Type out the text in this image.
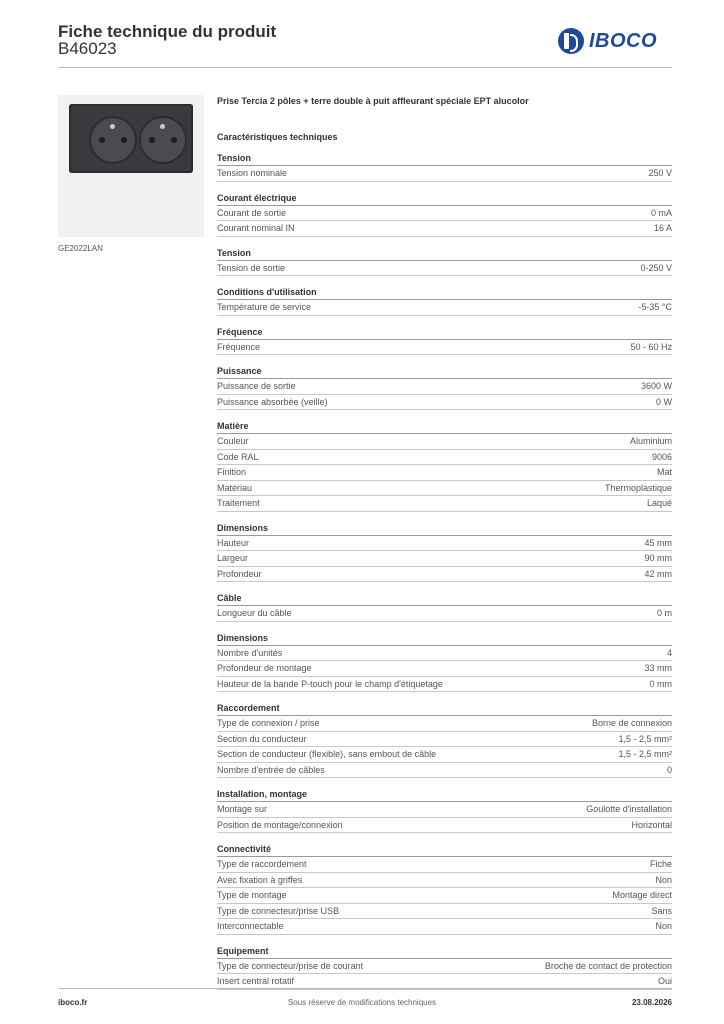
Fiche technique du produit
B46023	IBOCO
GE2022LAN
Prise Tercia 2 pôles + terre double à puit affleurant spéciale EPT alucolor
Caractéristiques techniques
Tension
Tension nominale	250 V
Courant électrique
Courant de sortie	0 mA
Courant nominal IN	16 A
Tension
Tension de sortie	0-250 V
Conditions d'utilisation
Température de service	-5-35 °C
Fréquence
Fréquence	50 - 60 Hz
Puissance
Puissance de sortie	3600 W
Puissance absorbée (veille)	0 W
Matière
Couleur	Aluminium
Code RAL	9006
Finition	Mat
Matériau	Thermoplastique
Traitement	Laqué
Dimensions
Hauteur	45 mm
Largeur	90 mm
Profondeur	42 mm
Câble
Longueur du câble	0 m
Dimensions
Nombre d'unités	4
Profondeur de montage	33 mm
Hauteur de la bande P-touch pour le champ d'étiquetage	0 mm
Raccordement
Type de connexion / prise	Borne de connexion
Section du conducteur	1,5 - 2,5 mm²
Section de conducteur (flexible), sans embout de câble	1,5 - 2,5 mm²
Nombre d'entrée de câbles	0
Installation, montage
Montage sur	Goulotte d'installation
Position de montage/connexion	Horizontal
Connectivité
Type de raccordement	Fiche
Avec fixation à griffes	Non
Type de montage	Montage direct
Type de connecteur/prise USB	Sans
Interconnectable	Non
Equipement
Type de connecteur/prise de courant	Broche de contact de protection
Insert central rotatif	Oui
iboco.fr	Sous réserve de modifications techniques	23.08.2026
